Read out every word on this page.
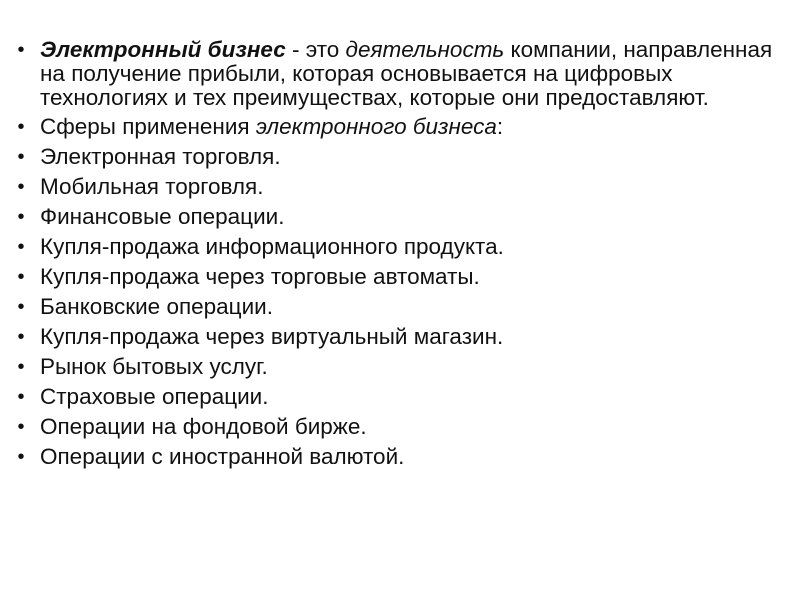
• Электронный бизнес - это деятельность компании, направленная на получение прибыли, которая основывается на цифровых технологиях и тех преимуществах, которые они предоставляют.
• Сферы применения электронного бизнеса:
• Электронная торговля.
• Мобильная торговля.
• Финансовые операции.
• Купля-продажа информационного продукта.
• Купля-продажа через торговые автоматы.
• Банковские операции.
• Купля-продажа через виртуальный магазин.
• Рынок бытовых услуг.
• Страховые операции.
• Операции на фондовой бирже.
• Операции с иностранной валютой.
